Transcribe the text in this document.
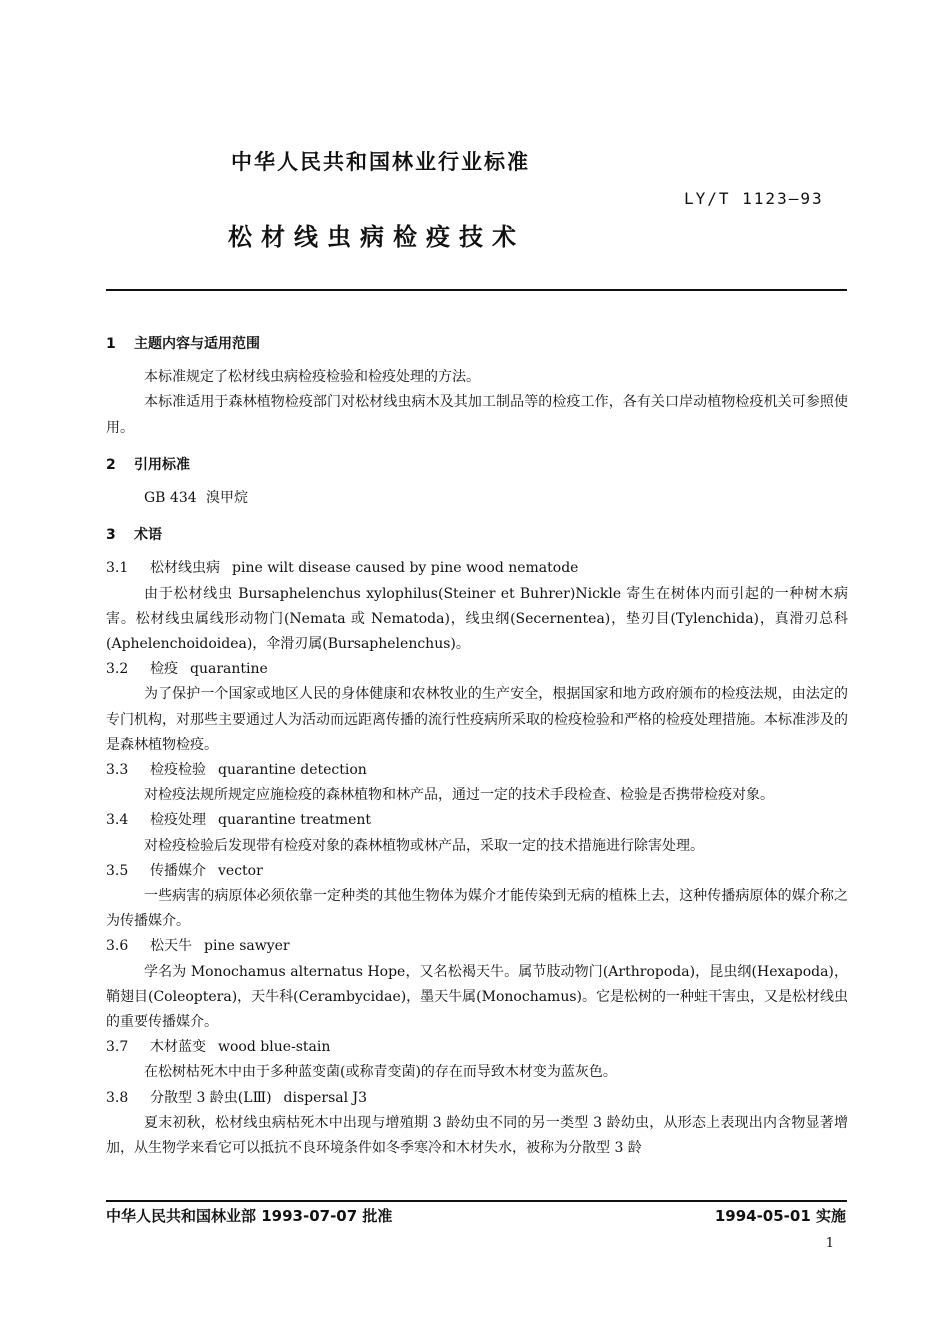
中华人民共和国林业行业标准
LY/T 1123—93
松材线虫病检疫技术
1 主题内容与适用范围

本标准规定了松材线虫病检疫检验和检疫处理的方法。

本标准适用于森林植物检疫部门对松材线虫病木及其加工制品等的检疫工作，各有关口岸动植物检疫机关可参照使用。

2 引用标准
GB 434 溴甲烷
3 术语
3.1 松材线虫病 pine wilt disease caused by pine wood nematode

由于松材线虫 Bursaphelenchus xylophilus(Steiner et Buhrer)Nickle 寄生在树体内而引起的一种树木病害。松材线虫属线形动物门(Nemata 或 Nematoda)，线虫纲(Secernentea)，垫刃目(Tylenchida)，真滑刃总科(Aphelenchoidoidea)，伞滑刃属(Bursaphelenchus)。

3.2 检疫 quarantine

为了保护一个国家或地区人民的身体健康和农林牧业的生产安全，根据国家和地方政府颁布的检疫法规，由法定的专门机构，对那些主要通过人为活动而远距离传播的流行性疫病所采取的检疫检验和严格的检疫处理措施。本标准涉及的是森林植物检疫。

3.3 检疫检验 quarantine detection

对检疫法规所规定应施检疫的森林植物和林产品，通过一定的技术手段检查、检验是否携带检疫对象。

3.4 检疫处理 quarantine treatment

对检疫检验后发现带有检疫对象的森林植物或林产品，采取一定的技术措施进行除害处理。

3.5 传播媒介 vector

一些病害的病原体必须依靠一定种类的其他生物体为媒介才能传染到无病的植株上去，这种传播病原体的媒介称之为传播媒介。

3.6 松天牛 pine sawyer

学名为 Monochamus alternatus Hope，又名松褐天牛。属节肢动物门(Arthropoda)，昆虫纲(Hexapoda)，鞘翅目(Coleoptera)，天牛科(Cerambycidae)，墨天牛属(Monochamus)。它是松树的一种蛀干害虫，又是松材线虫的重要传播媒介。

3.7 木材蓝变 wood blue-stain

在松树枯死木中由于多种蓝变菌(或称青变菌)的存在而导致木材变为蓝灰色。

3.8 分散型 3 龄虫(LⅢ) dispersal J3

夏末初秋，松材线虫病枯死木中出现与增殖期 3 龄幼虫不同的另一类型 3 龄幼虫，从形态上表现出内含物显著增加，从生物学来看它可以抵抗不良环境条件如冬季寒冷和木材失水，被称为分散型 3 龄

中华人民共和国林业部 1993-07-07 批准	1994-05-01 实施
1
